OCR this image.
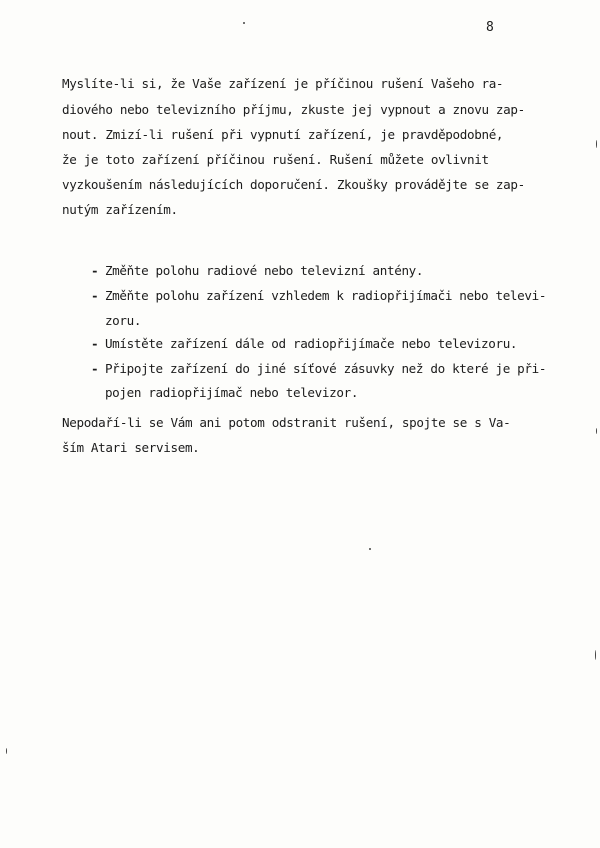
8
Myslíte-li si, že Vaše zařízení je příčinou rušení Vašeho ra-
diového nebo televizního příjmu, zkuste jej vypnout a znovu zap-
nout. Zmizí-li rušení při vypnutí zařízení, je pravděpodobné,
že je toto zařízení příčinou rušení. Rušení můžete ovlivnit
vyzkoušením následujících doporučení. Zkoušky provádějte se zap-
nutým zařízením.

- Změňte polohu radiové nebo televizní antény.

- Změňte polohu zařízení vzhledem k radiopřijímači nebo televi-

zoru.

- Umístěte zařízení dále od radiopřijímače nebo televizoru.

- Připojte zařízení do jiné síťové zásuvky než do které je při-

pojen radiopřijímač nebo televizor.

Nepodaří-li se Vám ani potom odstranit rušení, spojte se s Va-
ším Atari servisem.
